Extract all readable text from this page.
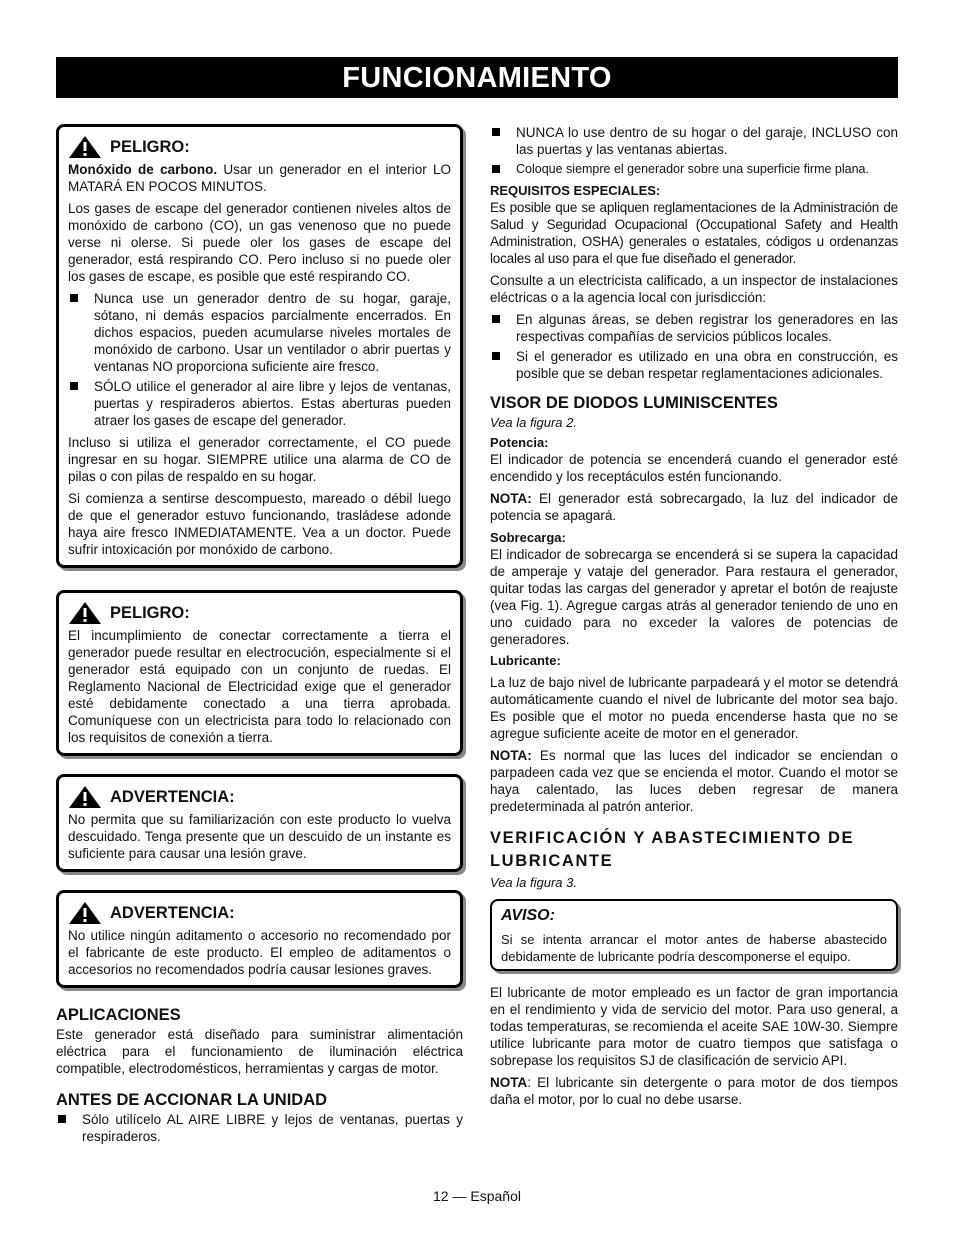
FUNCIONAMIENTO
PELIGRO:

Monóxido de carbono. Usar un generador en el interior LO MATARÁ EN POCOS MINUTOS.

Los gases de escape del generador contienen niveles altos de monóxido de carbono (CO), un gas venenoso que no puede verse ni olerse. Si puede oler los gases de escape del generador, está respirando CO. Pero incluso si no puede oler los gases de escape, es posible que esté respirando CO.

Nunca use un generador dentro de su hogar, garaje, sótano, ni demás espacios parcialmente encerrados. En dichos espacios, pueden acumularse niveles mortales de monóxido de carbono. Usar un ventilador o abrir puertas y ventanas NO proporciona suficiente aire fresco.
SÓLO utilice el generador al aire libre y lejos de ventanas, puertas y respiraderos abiertos. Estas aberturas pueden atraer los gases de escape del generador.

Incluso si utiliza el generador correctamente, el CO puede ingresar en su hogar. SIEMPRE utilice una alarma de CO de pilas o con pilas de respaldo en su hogar.

Si comienza a sentirse descompuesto, mareado o débil luego de que el generador estuvo funcionando, trasládese adonde haya aire fresco INMEDIATAMENTE. Vea a un doctor. Puede sufrir intoxicación por monóxido de carbono.

PELIGRO:

El incumplimiento de conectar correctamente a tierra el generador puede resultar en electrocución, especialmente si el generador está equipado con un conjunto de ruedas. El Reglamento Nacional de Electricidad exige que el generador esté debidamente conectado a una tierra aprobada. Comuníquese con un electricista para todo lo relacionado con los requisitos de conexión a tierra.

ADVERTENCIA:

No permita que su familiarización con este producto lo vuelva descuidado. Tenga presente que un descuido de un instante es suficiente para causar una lesión grave.

ADVERTENCIA:

No utilice ningún aditamento o accesorio no recomendado por el fabricante de este producto. El empleo de aditamentos o accesorios no recomendados podría causar lesiones graves.

APLICACIONES

Este generador está diseñado para suministrar alimentación eléctrica para el funcionamiento de iluminación eléctrica compatible, electrodomésticos, herramientas y cargas de motor.

ANTES DE ACCIONAR LA UNIDAD
Sólo utilícelo AL AIRE LIBRE y lejos de ventanas, puertas y respiraderos.
NUNCA lo use dentro de su hogar o del garaje, INCLUSO con las puertas y las ventanas abiertas.
Coloque siempre el generador sobre una superficie firme plana.
REQUISITOS ESPECIALES:

Es posible que se apliquen reglamentaciones de la Administración de Salud y Seguridad Ocupacional (Occupational Safety and Health Administration, OSHA) generales o estatales, códigos u ordenanzas locales al uso para el que fue diseñado el generador.

Consulte a un electricista calificado, a un inspector de instalaciones eléctricas o a la agencia local con jurisdicción:

En algunas áreas, se deben registrar los generadores en las respectivas compañías de servicios públicos locales.
Si el generador es utilizado en una obra en construcción, es posible que se deban respetar reglamentaciones adicionales.
VISOR DE DIODOS LUMINISCENTES

Vea la figura 2.

Potencia:

El indicador de potencia se encenderá cuando el generador esté encendido y los receptáculos estén funcionando.

NOTA: El generador está sobrecargado, la luz del indicador de potencia se apagará.

Sobrecarga:

El indicador de sobrecarga se encenderá si se supera la capacidad de amperaje y vataje del generador. Para restaura el generador, quitar todas las cargas del generador y apretar el botón de reajuste (vea Fig. 1). Agregue cargas atrás al generador teniendo de uno en uno cuidado para no exceder la valores de potencias de generadores.

Lubricante:

La luz de bajo nivel de lubricante parpadeará y el motor se detendrá automáticamente cuando el nivel de lubricante del motor sea bajo. Es posible que el motor no pueda encenderse hasta que no se agregue suficiente aceite de motor en el generador.

NOTA: Es normal que las luces del indicador se enciendan o parpadeen cada vez que se encienda el motor. Cuando el motor se haya calentado, las luces deben regresar de manera predeterminada al patrón anterior.

VERIFICACIÓN Y ABASTECIMIENTO DE LUBRICANTE

Vea la figura 3.

AVISO:

Si se intenta arrancar el motor antes de haberse abastecido debidamente de lubricante podría descomponerse el equipo.

El lubricante de motor empleado es un factor de gran importancia en el rendimiento y vida de servicio del motor. Para uso general, a todas temperaturas, se recomienda el aceite SAE 10W-30. Siempre utilice lubricante para motor de cuatro tiempos que satisfaga o sobrepase los requisitos SJ de clasificación de servicio API.

NOTA: El lubricante sin detergente o para motor de dos tiempos daña el motor, por lo cual no debe usarse.

12 — Español
